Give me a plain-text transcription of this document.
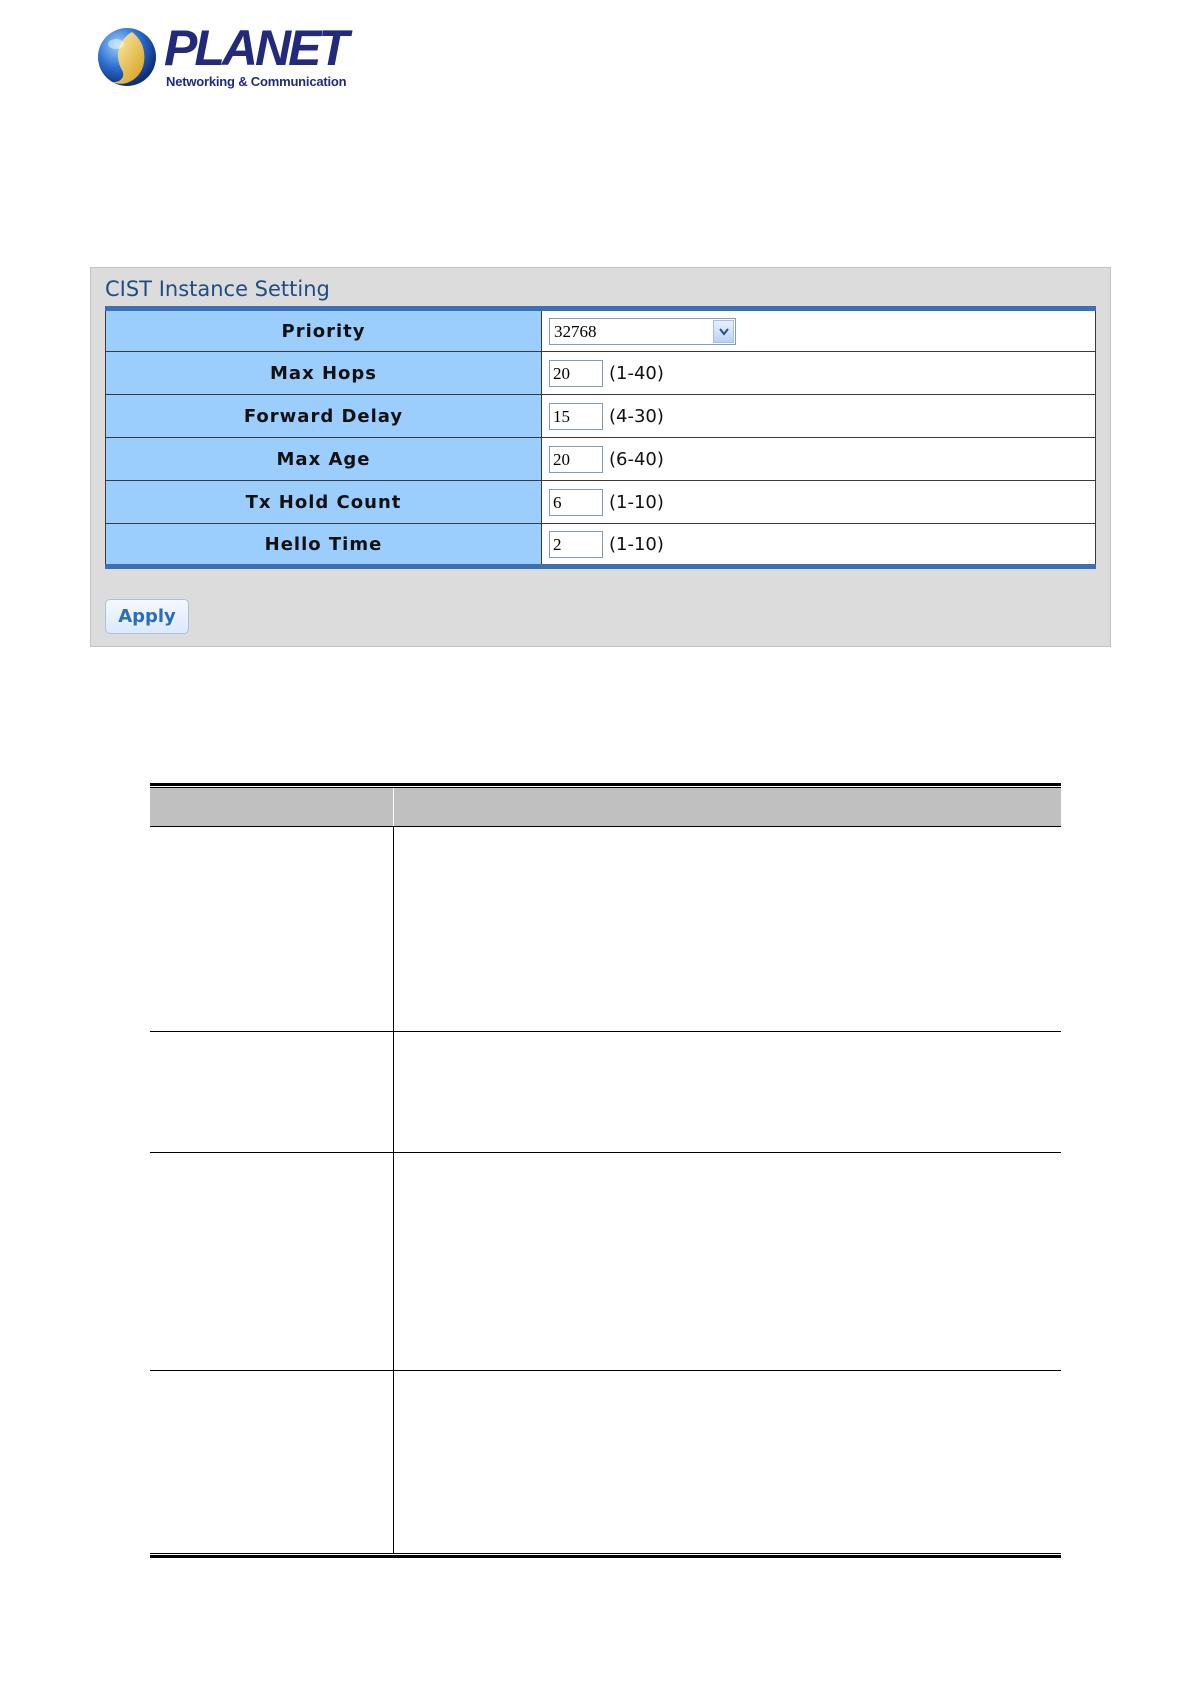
PLANET
Networking & Communication
CIST Instance Setting
Priority	32768

Max Hops	20 (1-40)
Forward Delay	15 (4-30)
Max Age	20 (6-40)
Tx Hold Count	6 (1-10)
Hello Time	2 (1-10)
Apply
